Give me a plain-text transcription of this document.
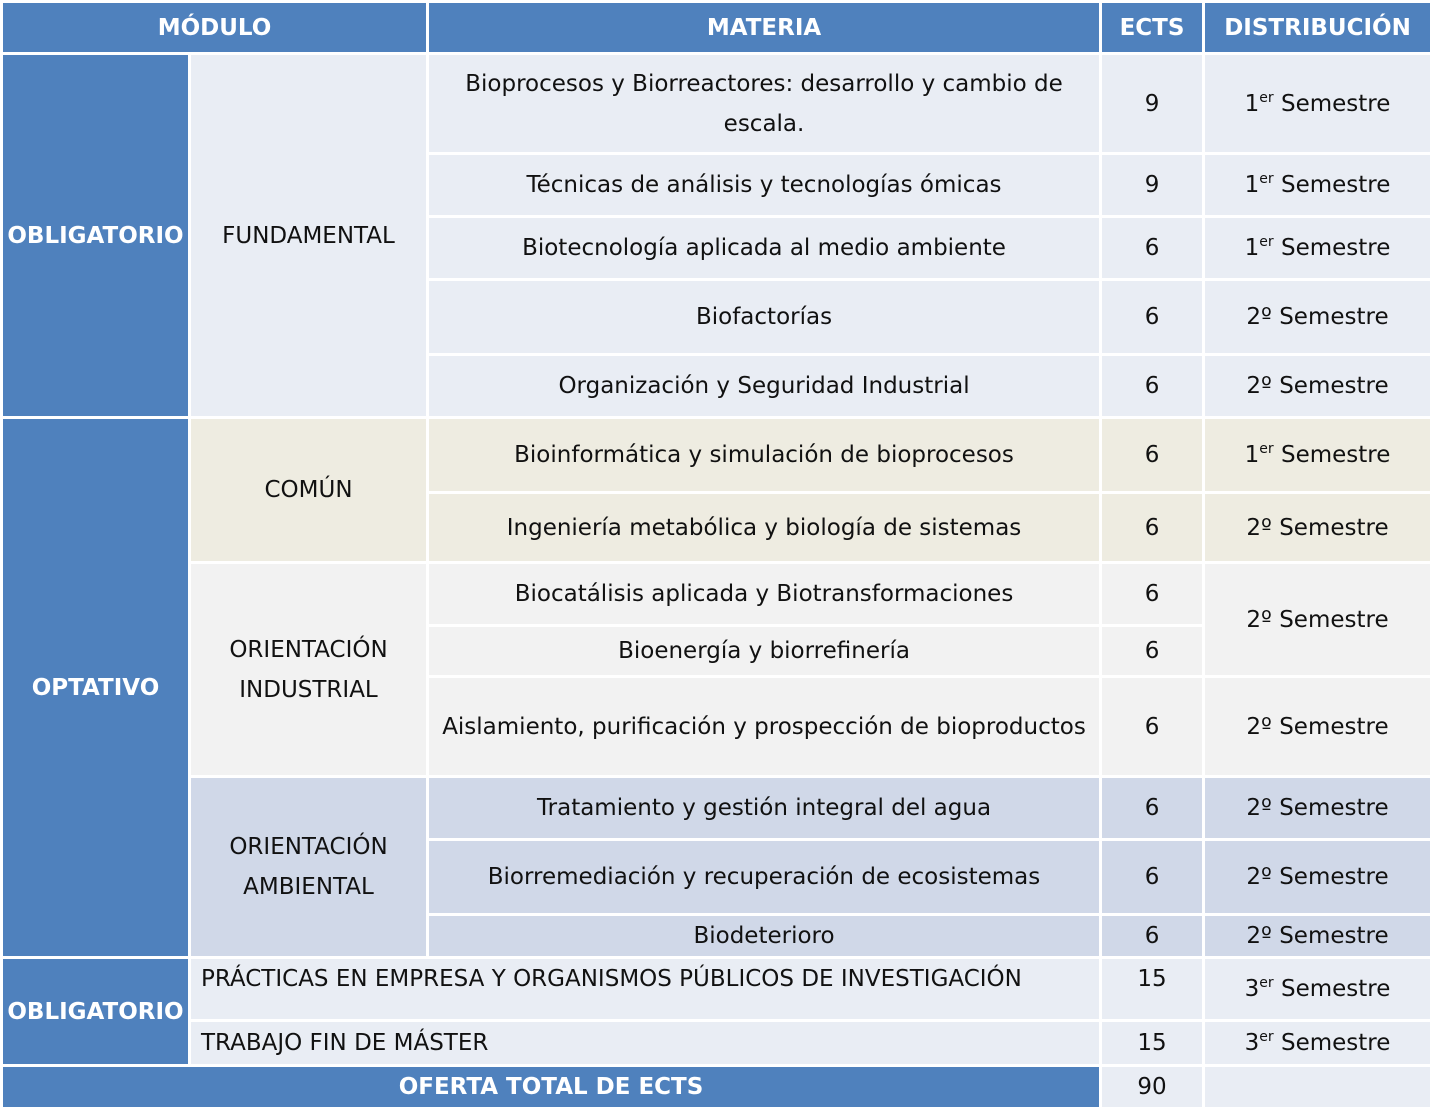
MÓDULO		MATERIA	ECTS	DISTRIBUCIÓN
OBLIGATORIO	FUNDAMENTAL	Bioprocesos y Biorreactores: desarrollo y cambio de escala.	9	1er Semestre
		Técnicas de análisis y tecnologías ómicas	9	1er Semestre
		Biotecnología aplicada al medio ambiente	6	1er Semestre
		Biofactorías	6	2º Semestre
		Organización y Seguridad Industrial	6	2º Semestre
OPTATIVO	COMÚN	Bioinformática y simulación de bioprocesos	6	1er Semestre
		Ingeniería metabólica y biología de sistemas	6	2º Semestre
	ORIENTACIÓN INDUSTRIAL	Biocatálisis aplicada y Biotransformaciones	6	2º Semestre
		Bioenergía y biorrefinería	6	
		Aislamiento, purificación y prospección de bioproductos	6	2º Semestre
	ORIENTACIÓN AMBIENTAL	Tratamiento y gestión integral del agua	6	2º Semestre
		Biorremediación y recuperación de ecosistemas	6	2º Semestre
		Biodeterioro	6	2º Semestre
OBLIGATORIO	PRÁCTICAS EN EMPRESA Y ORGANISMOS PÚBLICOS DE INVESTIGACIÓN		15	3er Semestre
	TRABAJO FIN DE MÁSTER		15	3er Semestre
OFERTA TOTAL DE ECTS			90	
